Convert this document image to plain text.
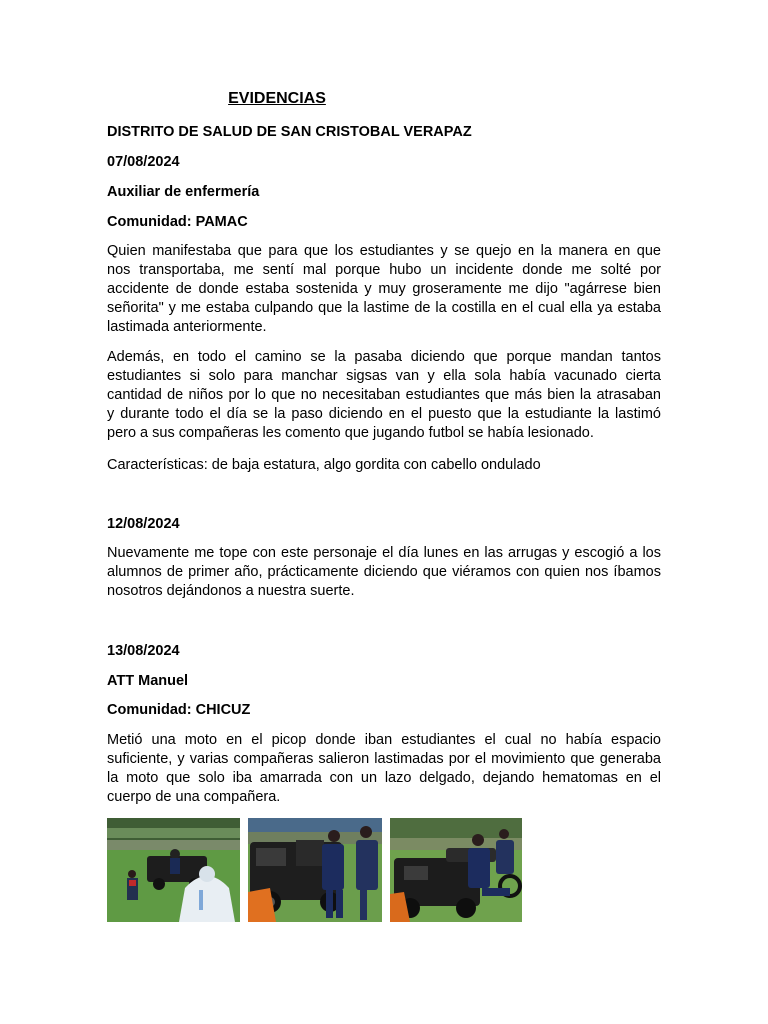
EVIDENCIAS
DISTRITO DE SALUD DE SAN CRISTOBAL VERAPAZ
07/08/2024
Auxiliar de enfermería
Comunidad: PAMAC
Quien manifestaba que para que los estudiantes y se quejo en la manera en que
nos transportaba, me sentí mal porque hubo un incidente donde me solté por
accidente de donde estaba sostenida y muy groseramente me dijo "agárrese bien
señorita" y me estaba culpando que la lastime de la costilla en el cual ella ya estaba
lastimada anteriormente.
Además, en todo el camino se la pasaba diciendo que porque mandan tantos
estudiantes si solo para manchar sigsas van y ella sola había vacunado cierta
cantidad de niños por lo que no necesitaban estudiantes que más bien la atrasaban
y durante todo el día se la paso diciendo en el puesto que la estudiante la lastimó
pero a sus compañeras les comento que jugando futbol se había lesionado.
Características: de baja estatura, algo gordita con cabello ondulado
12/08/2024
Nuevamente me tope con este personaje el día lunes en las arrugas y escogió a los
alumnos de primer año, prácticamente diciendo que viéramos con quien nos íbamos
nosotros dejándonos a nuestra suerte.
13/08/2024
ATT Manuel
Comunidad: CHICUZ
Metió una moto en el picop donde iban estudiantes el cual no había espacio
suficiente, y varias compañeras salieron lastimadas por el movimiento que generaba
la moto que solo iba amarrada con un lazo delgado, dejando hematomas en el
cuerpo de una compañera.
